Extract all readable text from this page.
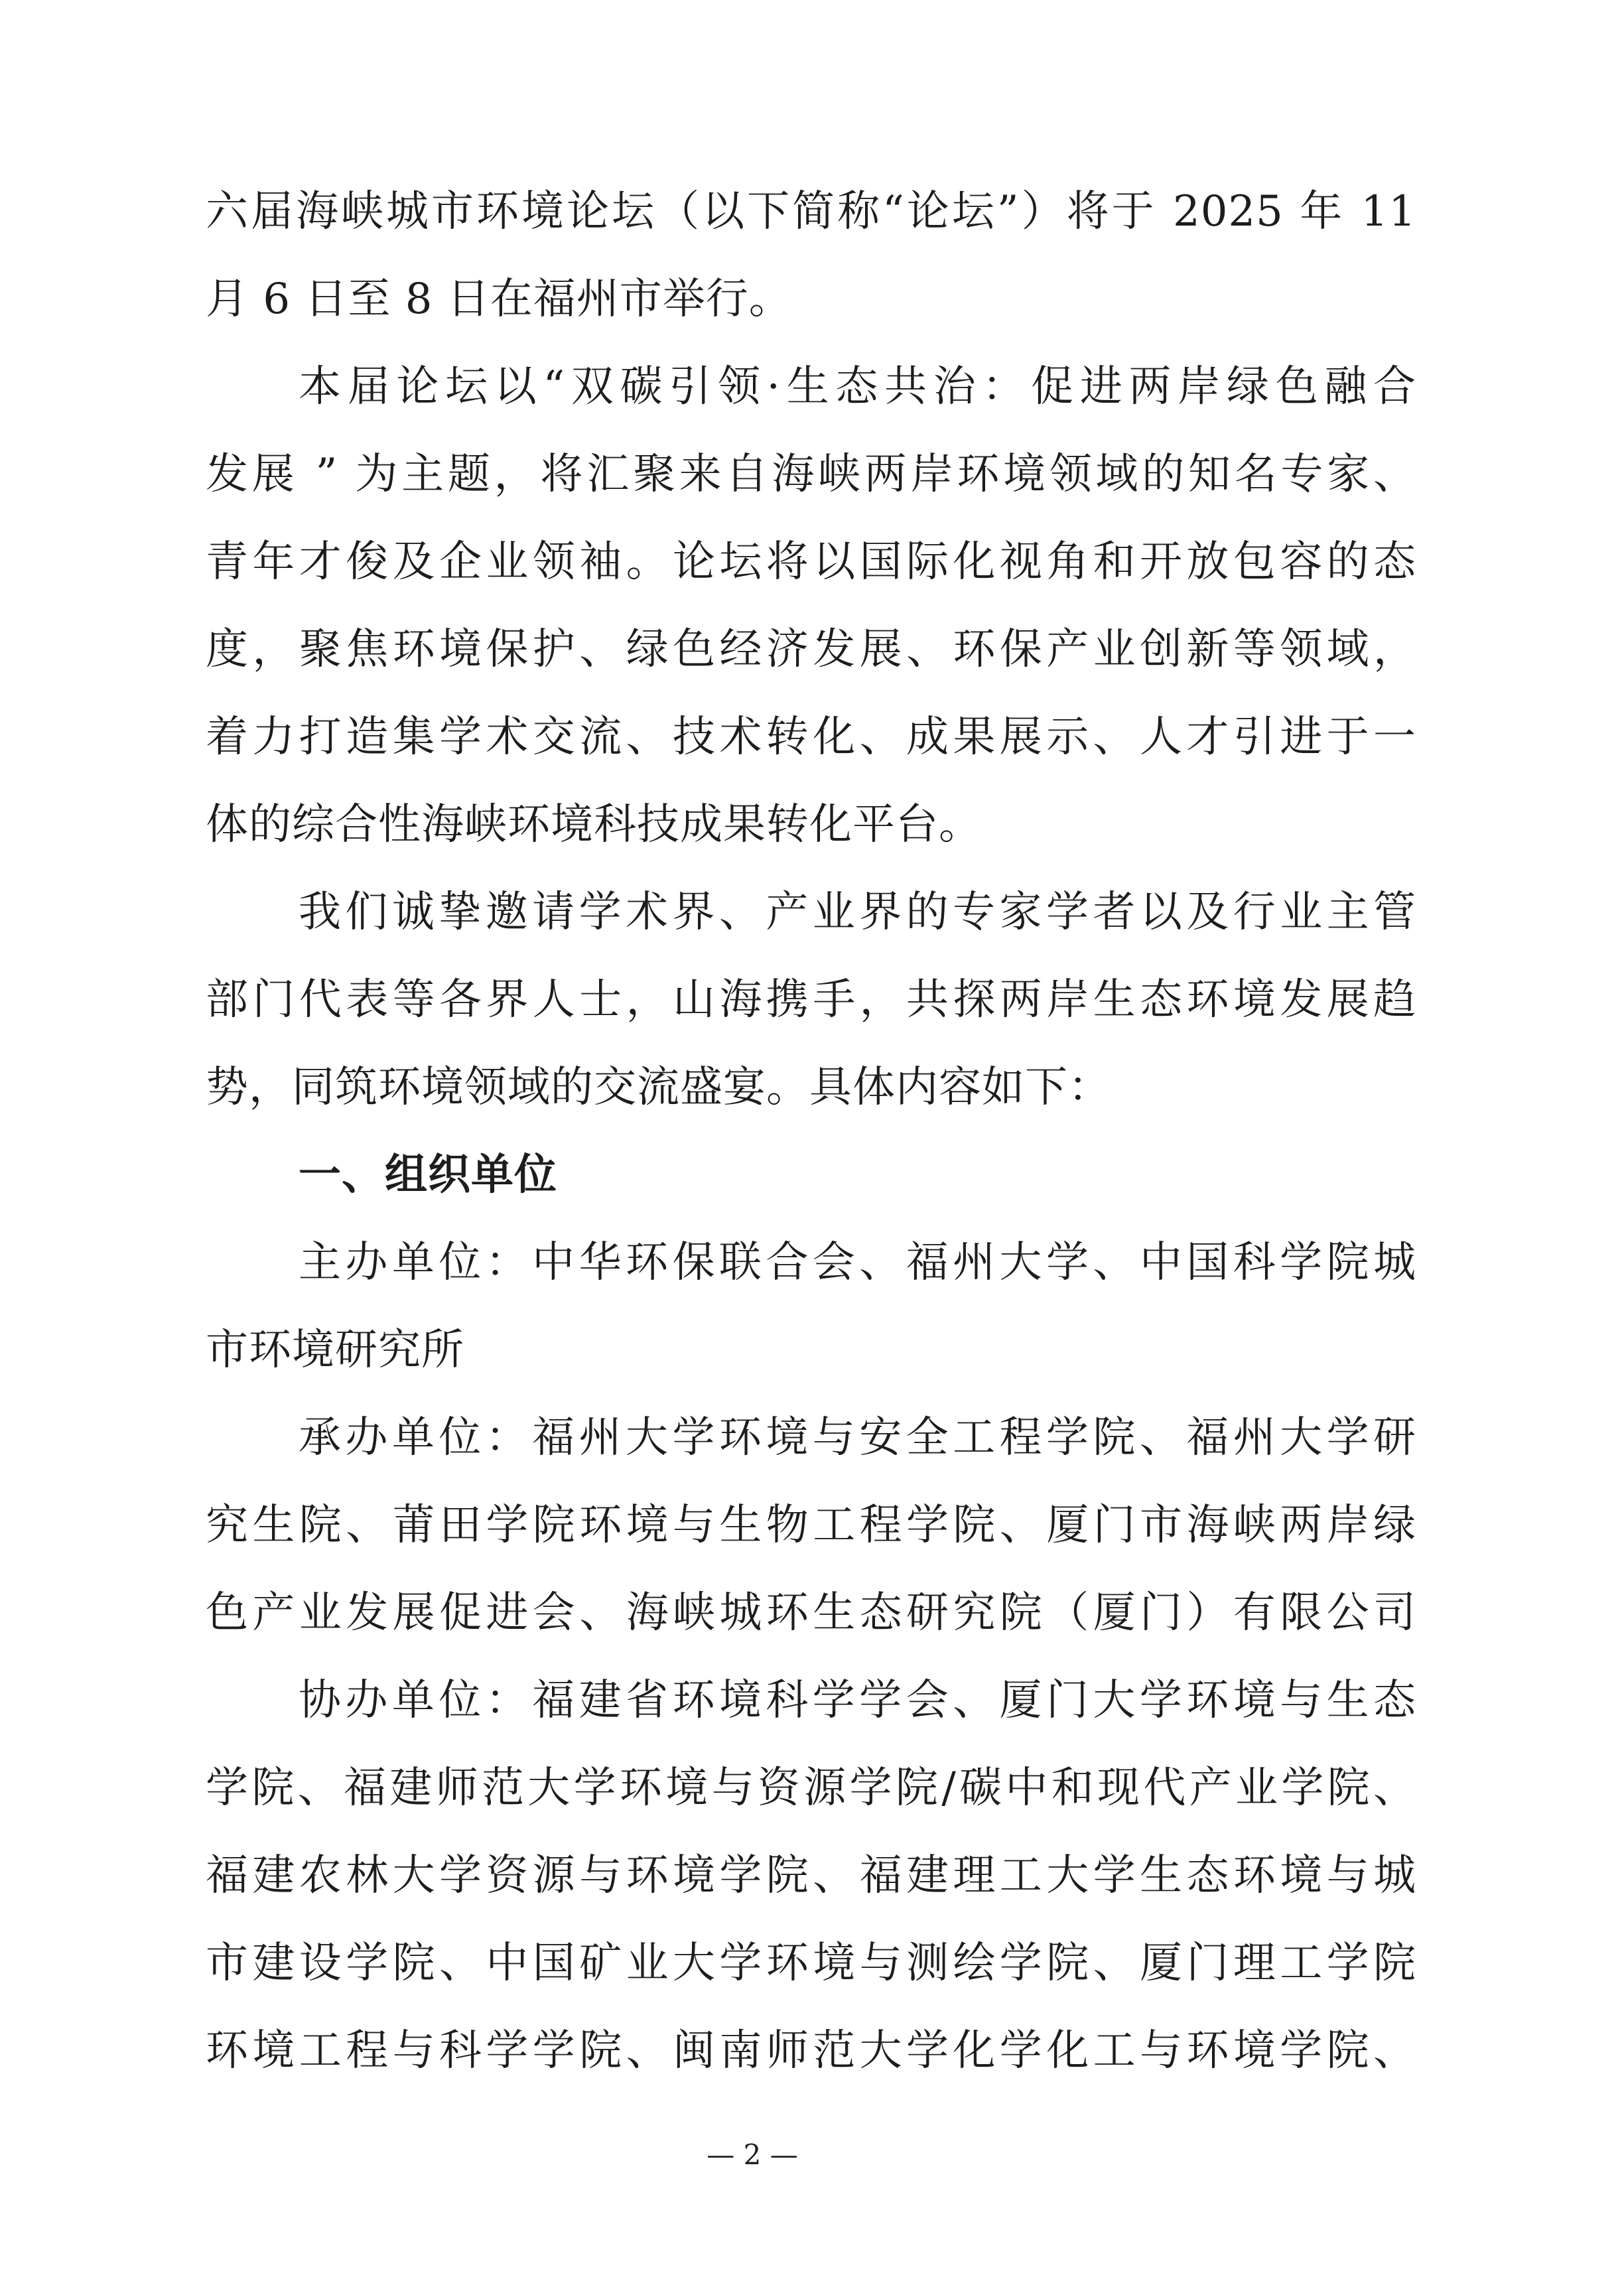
六届海峡城市环境论坛（以下简称“论坛”）将于 2025 年 11
月 6 日至 8 日在福州市举行。
本届论坛以“双碳引领·生态共治：促进两岸绿色融合
发展 ” 为主题，将汇聚来自海峡两岸环境领域的知名专家、
青年才俊及企业领袖。论坛将以国际化视角和开放包容的态
度，聚焦环境保护、绿色经济发展、环保产业创新等领域，
着力打造集学术交流、技术转化、成果展示、人才引进于一
体的综合性海峡环境科技成果转化平台。
我们诚挚邀请学术界、产业界的专家学者以及行业主管
部门代表等各界人士，山海携手，共探两岸生态环境发展趋
势，同筑环境领域的交流盛宴。具体内容如下：
一、组织单位
主办单位：中华环保联合会、福州大学、中国科学院城
市环境研究所
承办单位：福州大学环境与安全工程学院、福州大学研
究生院、莆田学院环境与生物工程学院、厦门市海峡两岸绿
色产业发展促进会、海峡城环生态研究院（厦门）有限公司
协办单位：福建省环境科学学会、厦门大学环境与生态
学院、福建师范大学环境与资源学院/碳中和现代产业学院、
福建农林大学资源与环境学院、福建理工大学生态环境与城
市建设学院、中国矿业大学环境与测绘学院、厦门理工学院
环境工程与科学学院、闽南师范大学化学化工与环境学院、
— 2 —
